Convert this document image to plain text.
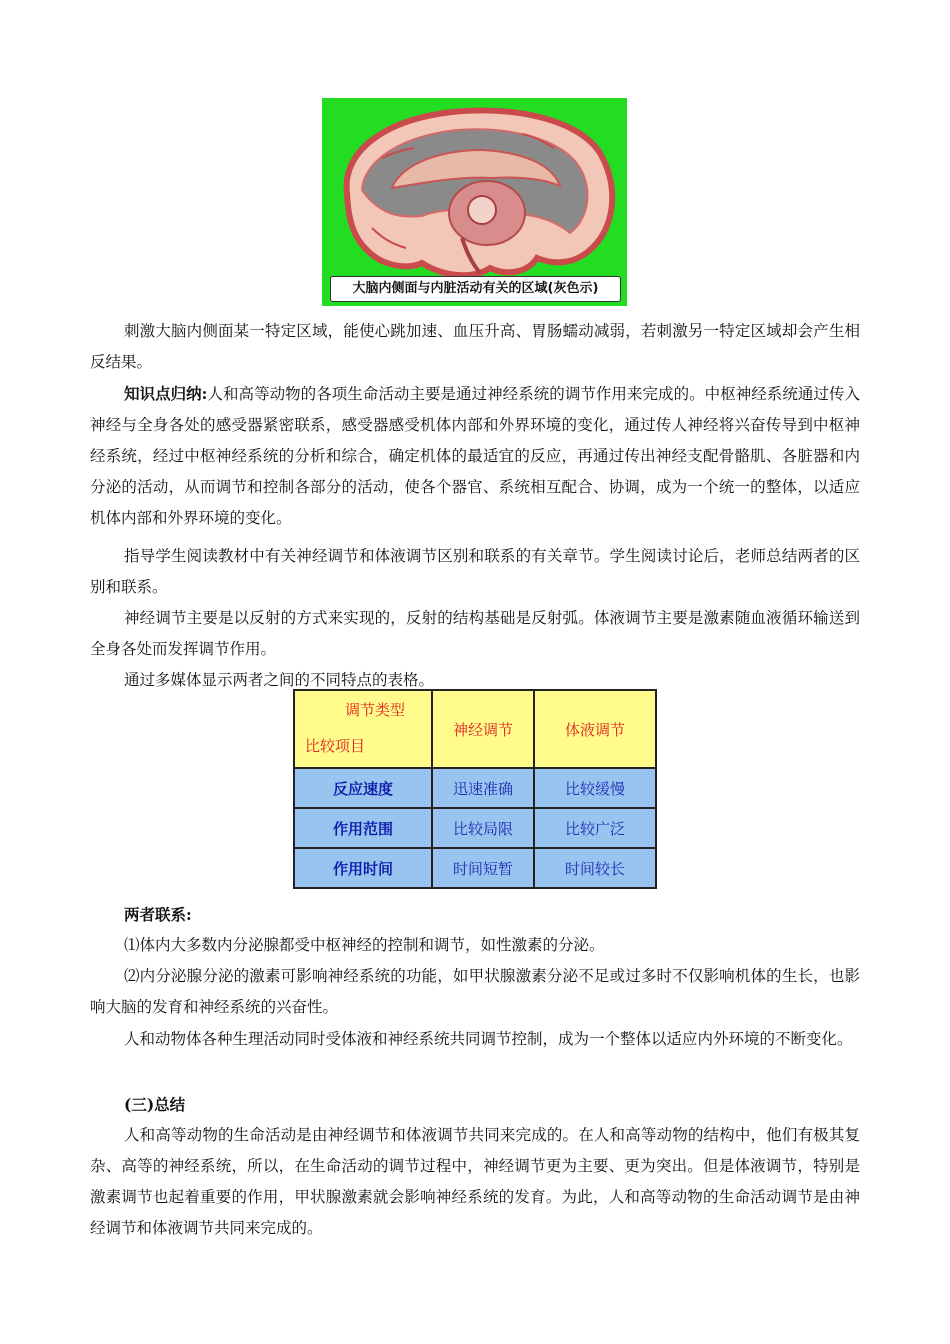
大脑内侧面与内脏活动有关的区域(灰色示)
刺激大脑内侧面某一特定区域，能使心跳加速、血压升高、胃肠蠕动减弱，若刺激另一特定区域却会产生相反结果。
知识点归纳:人和高等动物的各项生命活动主要是通过神经系统的调节作用来完成的。中枢神经系统通过传入神经与全身各处的感受器紧密联系，感受器感受机体内部和外界环境的变化，通过传人神经将兴奋传导到中枢神经系统，经过中枢神经系统的分析和综合，确定机体的最适宜的反应，再通过传出神经支配骨骼肌、各脏器和内分泌的活动，从而调节和控制各部分的活动，使各个器官、系统相互配合、协调，成为一个统一的整体，以适应机体内部和外界环境的变化。
指导学生阅读教材中有关神经调节和体液调节区别和联系的有关章节。学生阅读讨论后，老师总结两者的区别和联系。
神经调节主要是以反射的方式来实现的，反射的结构基础是反射弧。体液调节主要是激素随血液循环输送到全身各处而发挥调节作用。
通过多媒体显示两者之间的不同特点的表格。
调节类型
比较项目	神经调节	体液调节
反应速度	迅速准确	比较缓慢
作用范围	比较局限	比较广泛
作用时间	时间短暂	时间较长
两者联系:
⑴体内大多数内分泌腺都受中枢神经的控制和调节，如性激素的分泌。
⑵内分泌腺分泌的激素可影响神经系统的功能，如甲状腺激素分泌不足或过多时不仅影响机体的生长，也影响大脑的发育和神经系统的兴奋性。
人和动物体各种生理活动同时受体液和神经系统共同调节控制，成为一个整体以适应内外环境的不断变化。
(三)总结
人和高等动物的生命活动是由神经调节和体液调节共同来完成的。在人和高等动物的结构中，他们有极其复杂、高等的神经系统，所以，在生命活动的调节过程中，神经调节更为主要、更为突出。但是体液调节，特别是激素调节也起着重要的作用，甲状腺激素就会影响神经系统的发育。为此，人和高等动物的生命活动调节是由神经调节和体液调节共同来完成的。
